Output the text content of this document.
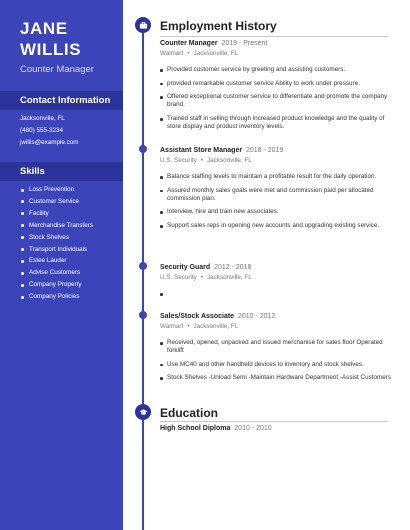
JANE
WILLIS
Counter Manager
Contact Information
Jacksonville, FL
(480) 555-3234
jwillis@example.com
Skills
Loss Prevention
Customer Service
Facility
Merchandise Transfers
Stock Shelves
Transport Individuals
Estee Lauder
Advise Customers
Company Property
Company Policies
Employment History
Counter Manager 2019 - Present
Walmart • Jacksonville, FL
Provided customer service by greeting and assisting customers.
provided remarkable customer service Ability to work under pressure.
Offered exceptional customer service to differentiate and promote the company brand.
Trained staff in selling through increased product knowledge and the quality of store display and product inventory levels.
Assistant Store Manager 2018 - 2019
U.S. Security • Jacksonville, FL
Balance staffing levels to maintain a profitable result for the daily operation.
Assured monthly sales goals were met and commission paid per allocated commission plan.
Interview, hire and train new associates.
Support sales reps in opening new accounts and upgrading existing service.
Security Guard 2012 - 2018
U.S. Security • Jacksonville, FL

Sales/Stock Associate 2010 - 2012
Walmart • Jacksonville, FL
Received, opened, unpacked and issued merchanise for sales floor Operated forklift
Use MC40 and other handheld devices to inventory and stock shelves.
Stock Shelves -Unload Semi -Maintain Hardware Department -Assist Customers
Education
High School Diploma 2010 - 2010
